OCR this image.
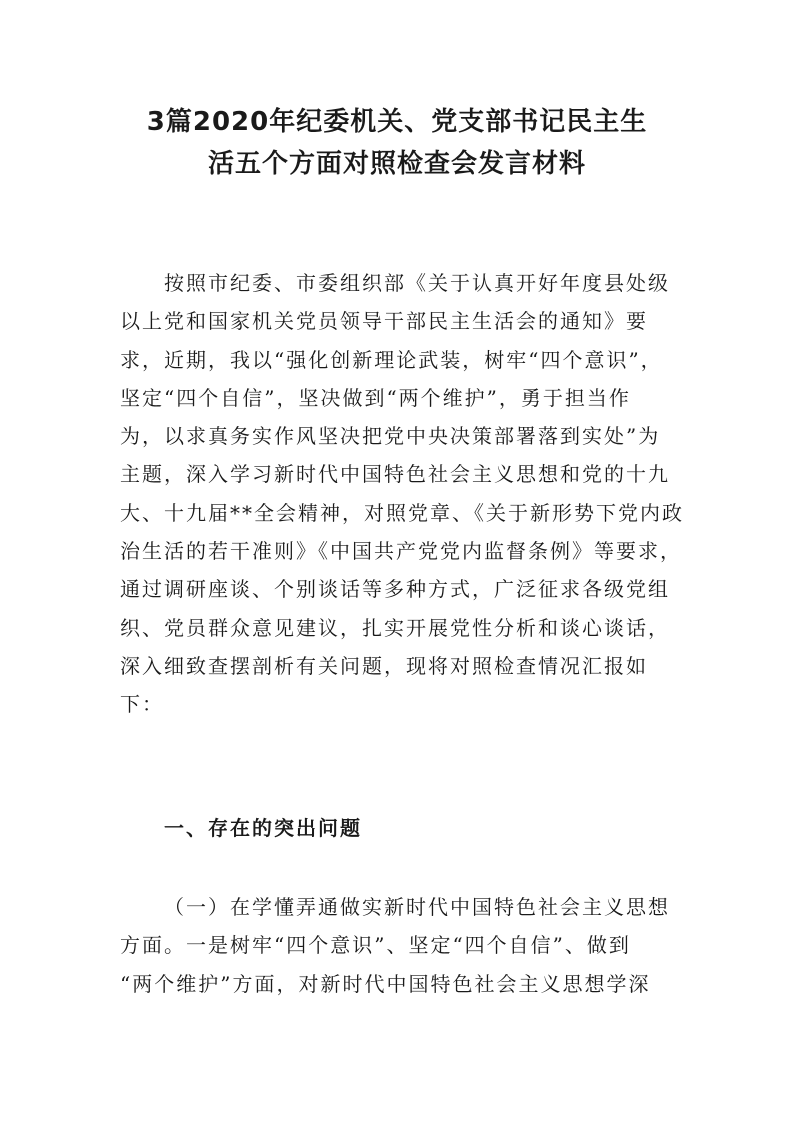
3篇2020年纪委机关、党支部书记民主生
活五个方面对照检查会发言材料
按照市纪委、市委组织部《关于认真开好年度县处级
以上党和国家机关党员领导干部民主生活会的通知》要
求，近期，我以“强化创新理论武装，树牢“四个意识”，
坚定“四个自信”，坚决做到“两个维护”，勇于担当作
为，以求真务实作风坚决把党中央决策部署落到实处”为
主题，深入学习新时代中国特色社会主义思想和党的十九
大、十九届**全会精神，对照党章、《关于新形势下党内政
治生活的若干准则》《中国共产党党内监督条例》等要求，
通过调研座谈、个别谈话等多种方式，广泛征求各级党组
织、党员群众意见建议，扎实开展党性分析和谈心谈话，
深入细致查摆剖析有关问题，现将对照检查情况汇报如
下：
一、存在的突出问题
（一）在学懂弄通做实新时代中国特色社会主义思想
方面。一是树牢“四个意识”、坚定“四个自信”、做到
“两个维护”方面，对新时代中国特色社会主义思想学深
